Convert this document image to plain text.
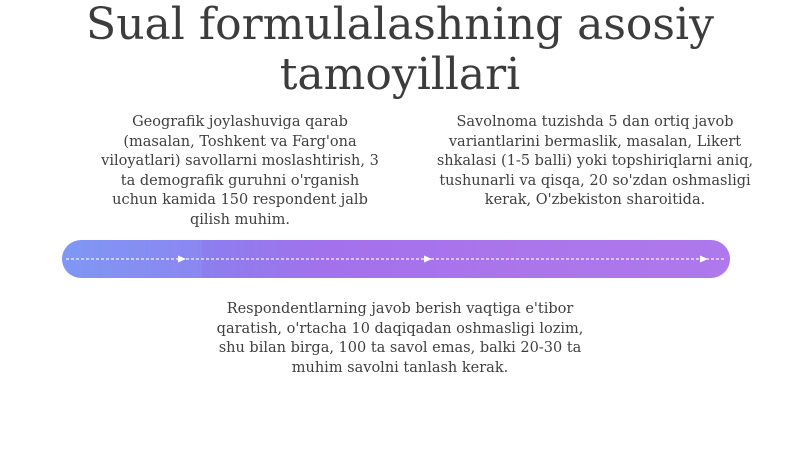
Sual formulalashning asosiy tamoyillari
Geografik joylashuviga qarab (masalan, Toshkent va Farg'ona viloyatlari) savollarni moslashtirish, 3 ta demografik guruhni o'rganish uchun kamida 150 respondent jalb qilish muhim.
Savolnoma tuzishda 5 dan ortiq javob variantlarini bermaslik, masalan, Likert shkalasi (1-5 balli) yoki topshiriqlarni aniq, tushunarli va qisqa, 20 so'zdan oshmasligi kerak, O'zbekiston sharoitida.
Respondentlarning javob berish vaqtiga e'tibor qaratish, o'rtacha 10 daqiqadan oshmasligi lozim, shu bilan birga, 100 ta savol emas, balki 20-30 ta muhim savolni tanlash kerak.
